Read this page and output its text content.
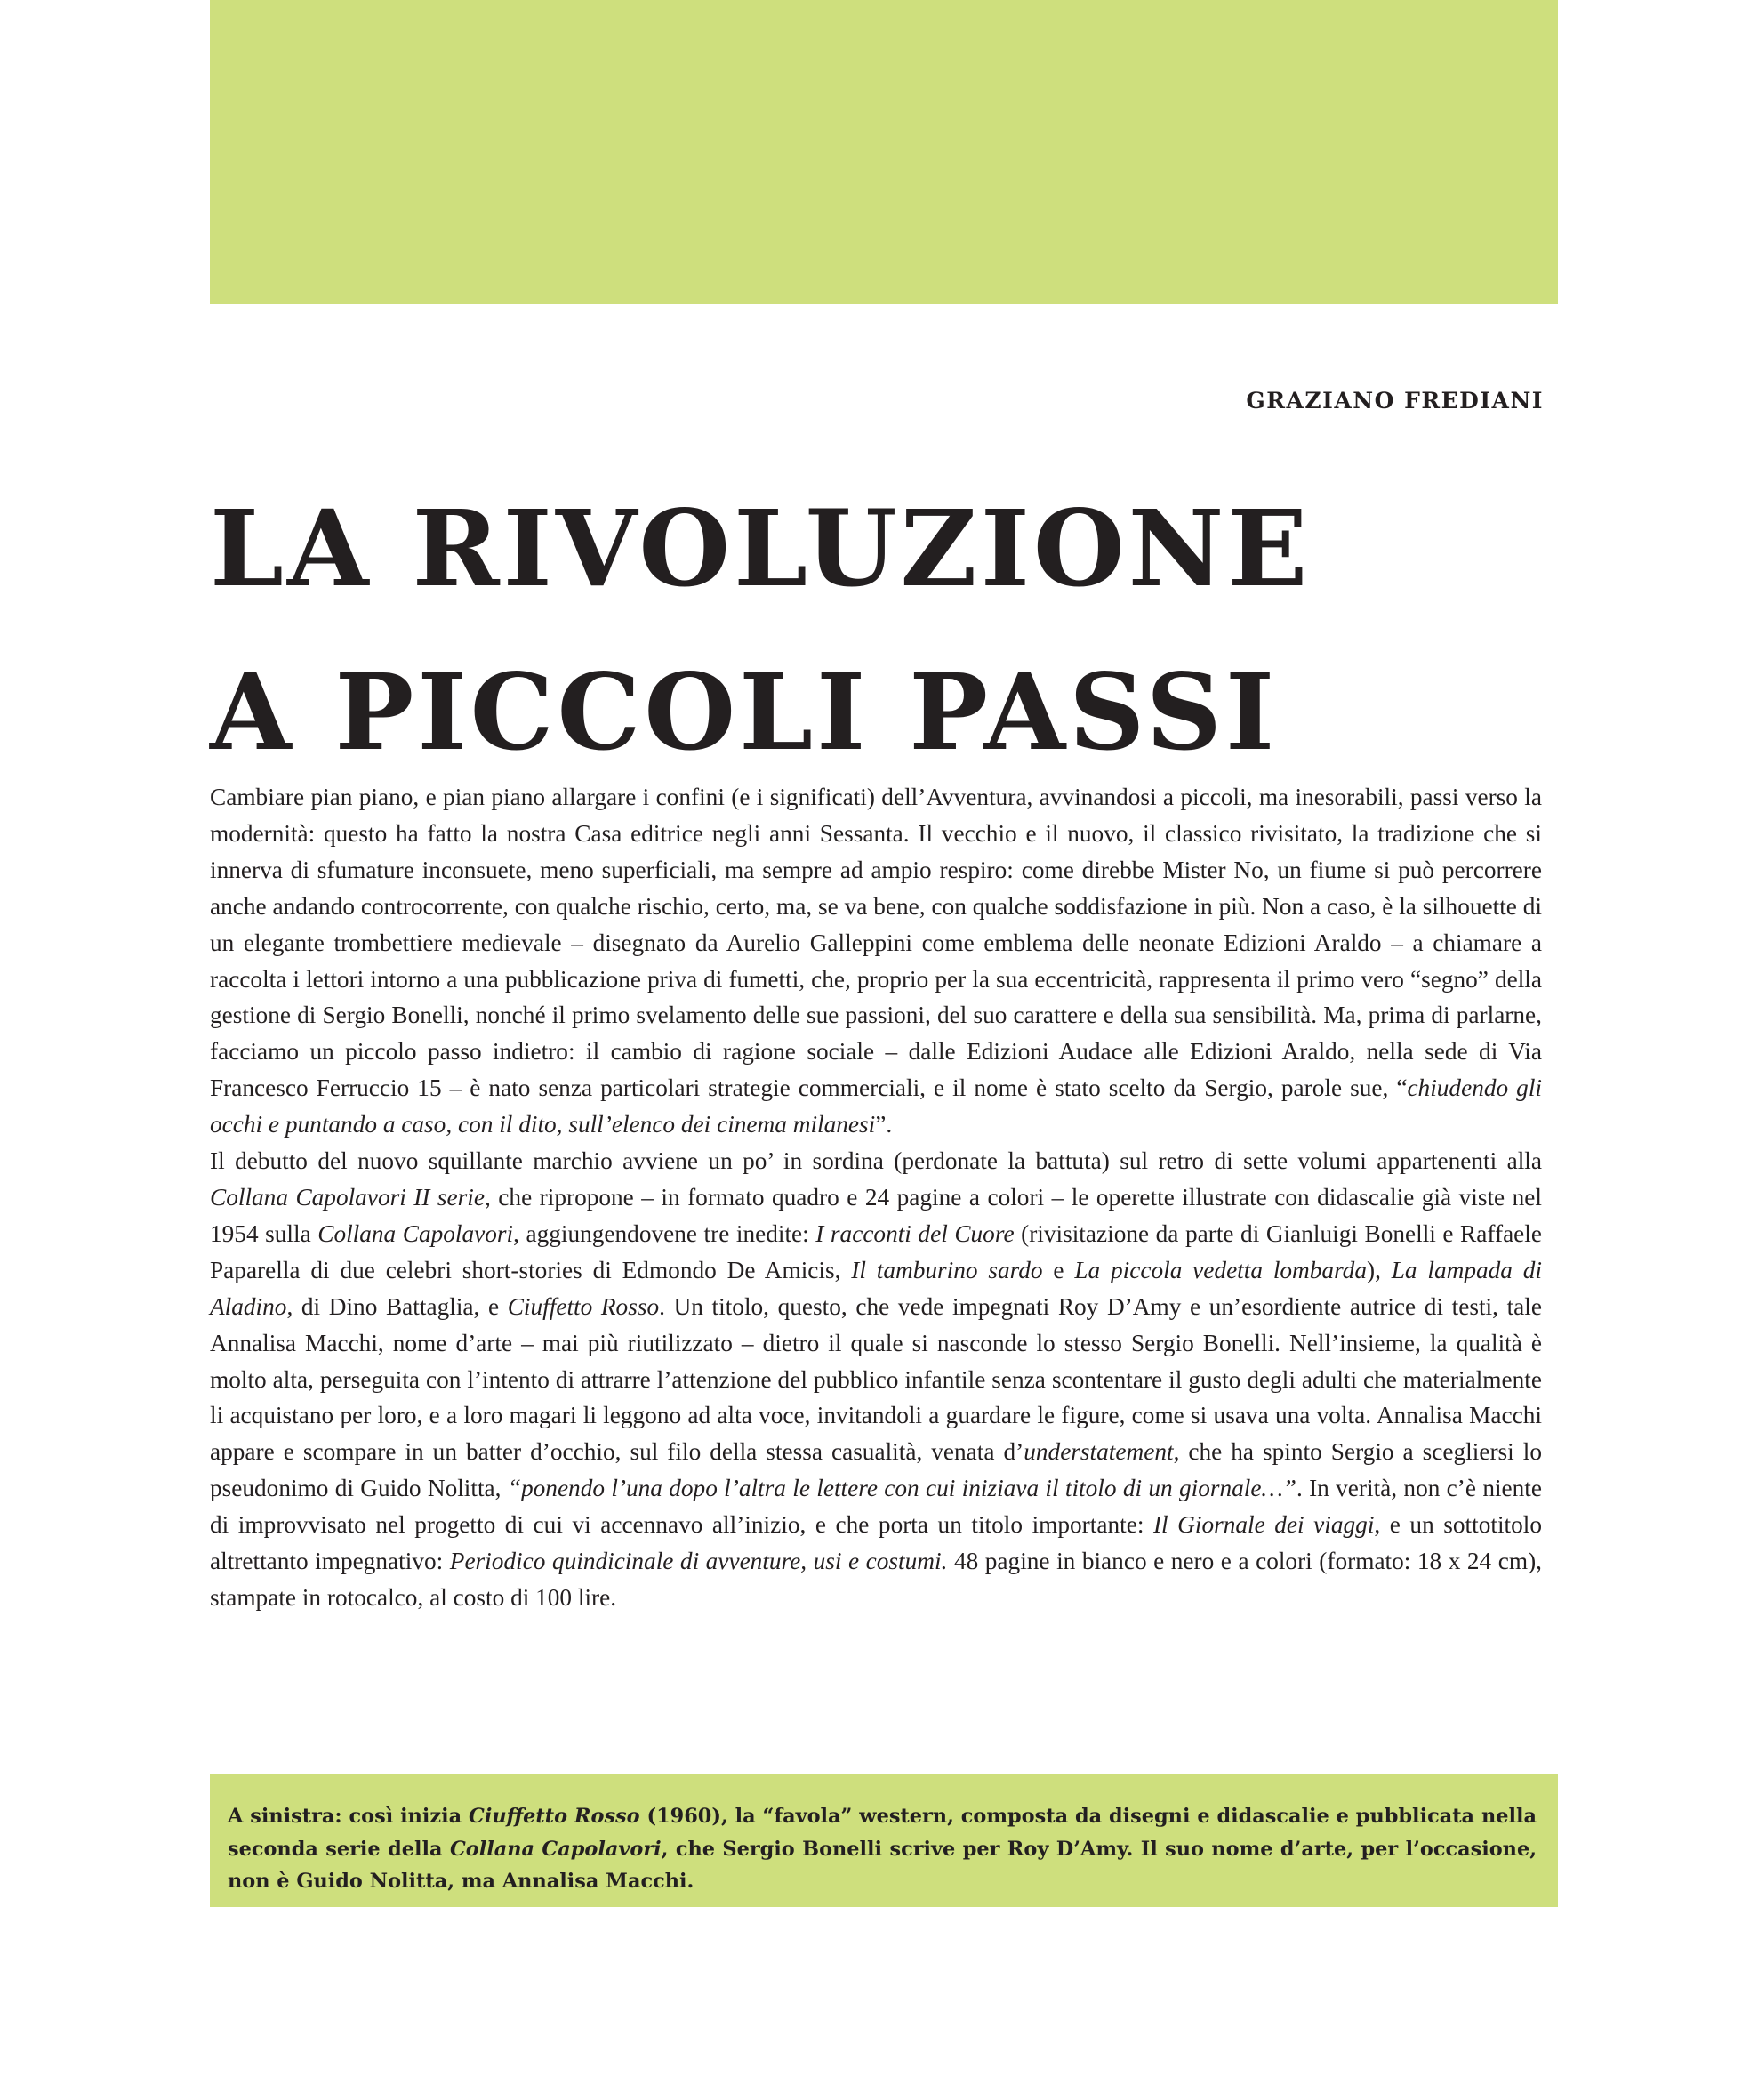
GRAZIANO FREDIANI
LA RIVOLUZIONE
A PICCOLI PASSI

Cambiare pian piano, e pian piano allargare i confini (e i significati) dell’Avventura, avvinandosi a piccoli, ma inesorabili, passi verso la modernità: questo ha fatto la nostra Casa editrice negli anni Sessanta. Il vecchio e il nuovo, il classico rivisitato, la tradizione che si innerva di sfumature inconsuete, meno superficiali, ma sempre ad ampio respiro: come direbbe Mister No, un fiume si può percorrere anche andando controcorrente, con qualche rischio, certo, ma, se va bene, con qualche soddisfazione in più. Non a caso, è la silhouette di un elegante trombettiere medievale – disegnato da Aurelio Galleppini come emblema delle neonate Edizioni Araldo – a chiamare a raccolta i lettori intorno a una pubblicazione priva di fumetti, che, proprio per la sua eccentricità, rappresenta il primo vero “segno” della gestione di Sergio Bonelli, nonché il primo svelamento delle sue passioni, del suo carattere e della sua sensibilità. Ma, prima di parlarne, facciamo un piccolo passo indietro: il cambio di ragione sociale – dalle Edizioni Audace alle Edizioni Araldo, nella sede di Via Francesco Ferruccio 15 – è nato senza particolari strategie commerciali, e il nome è stato scelto da Sergio, parole sue, “chiudendo gli occhi e puntando a caso, con il dito, sull’elenco dei cinema milanesi”.

Il debutto del nuovo squillante marchio avviene un po’ in sordina (perdonate la battuta) sul retro di sette volumi appartenenti alla Collana Capolavori II serie, che ripropone – in formato quadro e 24 pagine a colori – le operette illustrate con didascalie già viste nel 1954 sulla Collana Capolavori, aggiungendovene tre inedite: I racconti del Cuore (rivisitazione da parte di Gianluigi Bonelli e Raffaele Paparella di due celebri short-stories di Edmondo De Amicis, Il tamburino sardo e La piccola vedetta lombarda), La lampada di Aladino, di Dino Battaglia, e Ciuffetto Rosso. Un titolo, questo, che vede impegnati Roy D’Amy e un’esordiente autrice di testi, tale Annalisa Macchi, nome d’arte – mai più riutilizzato – dietro il quale si nasconde lo stesso Sergio Bonelli. Nell’insieme, la qualità è molto alta, perseguita con l’intento di attrarre l’attenzione del pubblico infantile senza scontentare il gusto degli adulti che materialmente li acquistano per loro, e a loro magari li leggono ad alta voce, invitandoli a guardare le figure, come si usava una volta. Annalisa Macchi appare e scompare in un batter d’occhio, sul filo della stessa casualità, venata d’understatement, che ha spinto Sergio a scegliersi lo pseudonimo di Guido Nolitta, “ponendo l’una dopo l’altra le lettere con cui iniziava il titolo di un giornale…”. In verità, non c’è niente di improvvisato nel progetto di cui vi accennavo all’inizio, e che porta un titolo importante: Il Giornale dei viaggi, e un sottotitolo altrettanto impegnativo: Periodico quindicinale di avventure, usi e costumi. 48 pagine in bianco e nero e a colori (formato: 18 x 24 cm), stampate in rotocalco, al costo di 100 lire.

A sinistra: così inizia Ciuffetto Rosso (1960), la “favola” western, composta da disegni e didascalie e pubblicata nella seconda serie della Collana Capolavori, che Sergio Bonelli scrive per Roy D’Amy. Il suo nome d’arte, per l’occasione, non è Guido Nolitta, ma Annalisa Macchi.
